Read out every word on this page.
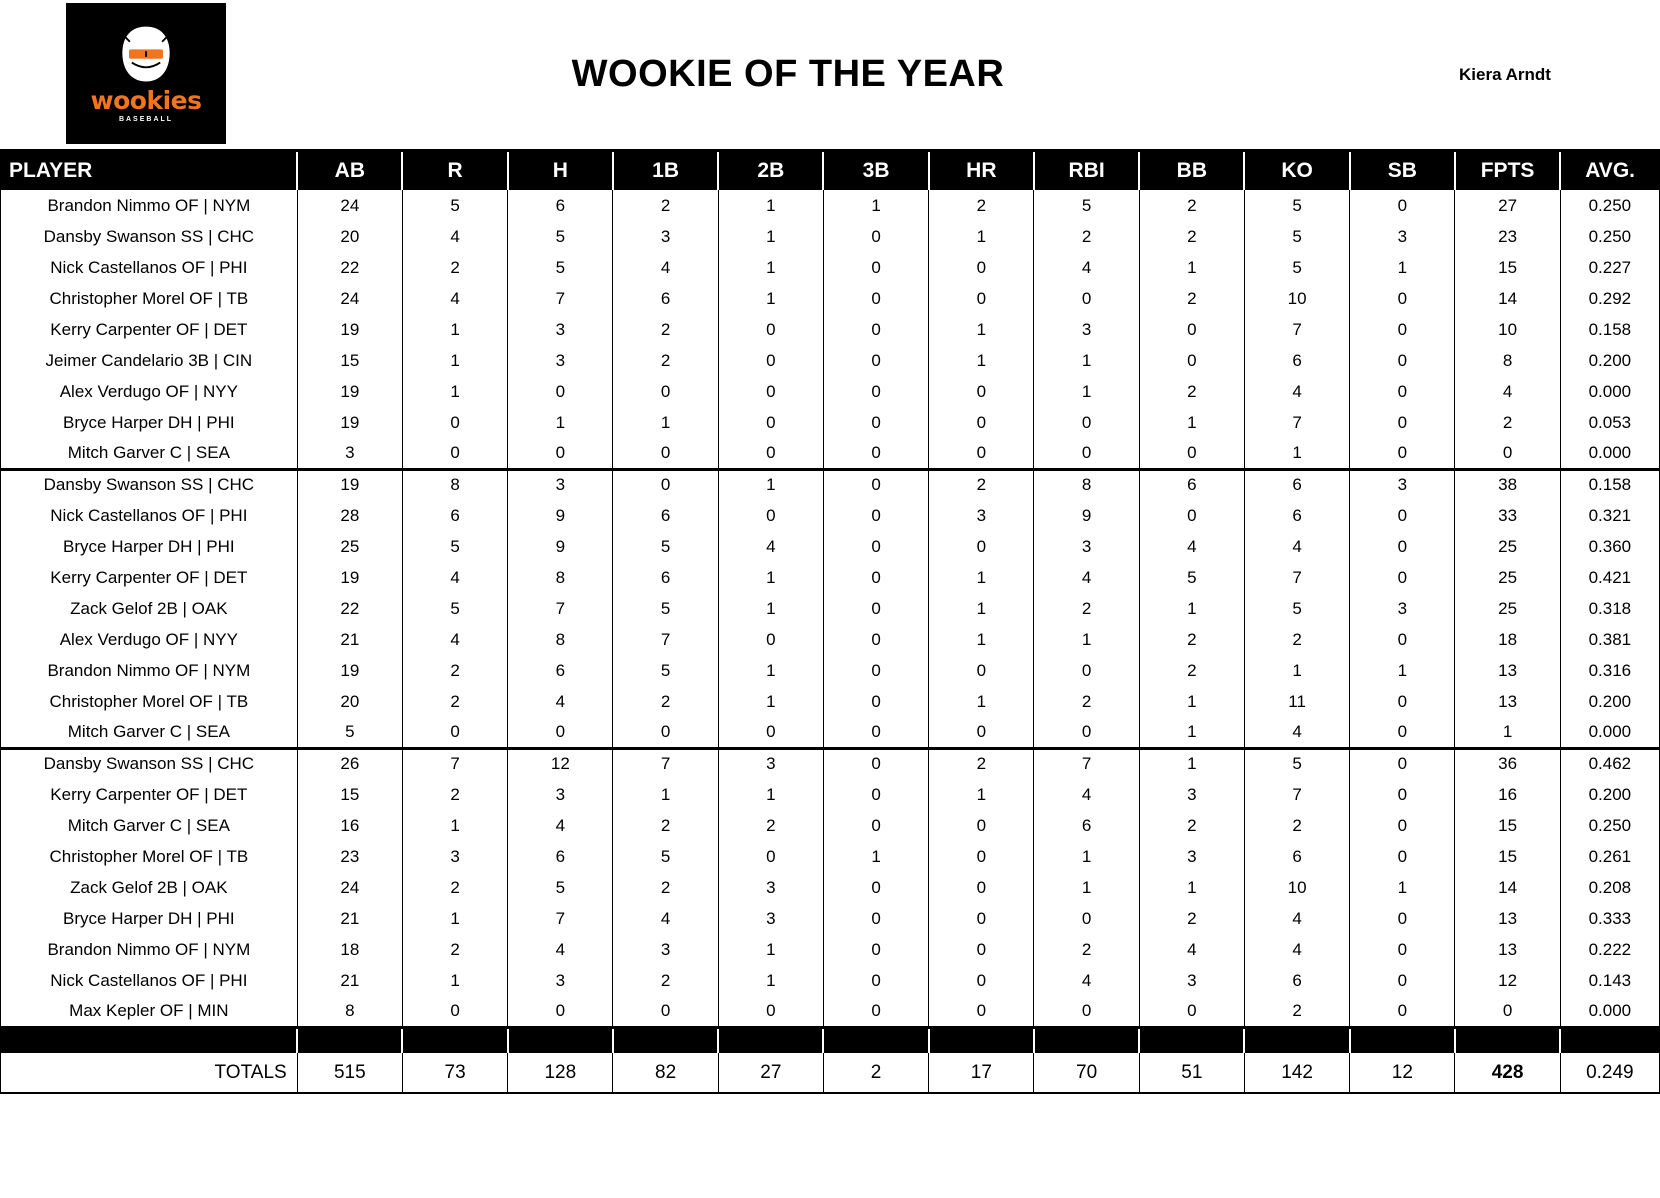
wookies
BASEBALL
WOOKIE OF THE YEAR	Kiera Arndt
PLAYER	AB	R	H	1B	2B	3B	HR	RBI	BB	KO	SB	FPTS	AVG.
Brandon Nimmo OF | NYM	24	5	6	2	1	1	2	5	2	5	0	27	0.250
Dansby Swanson SS | CHC	20	4	5	3	1	0	1	2	2	5	3	23	0.250
Nick Castellanos OF | PHI	22	2	5	4	1	0	0	4	1	5	1	15	0.227
Christopher Morel OF | TB	24	4	7	6	1	0	0	0	2	10	0	14	0.292
Kerry Carpenter OF | DET	19	1	3	2	0	0	1	3	0	7	0	10	0.158
Jeimer Candelario 3B | CIN	15	1	3	2	0	0	1	1	0	6	0	8	0.200
Alex Verdugo OF | NYY	19	1	0	0	0	0	0	1	2	4	0	4	0.000
Bryce Harper DH | PHI	19	0	1	1	0	0	0	0	1	7	0	2	0.053
Mitch Garver C | SEA	3	0	0	0	0	0	0	0	0	1	0	0	0.000
Dansby Swanson SS | CHC	19	8	3	0	1	0	2	8	6	6	3	38	0.158
Nick Castellanos OF | PHI	28	6	9	6	0	0	3	9	0	6	0	33	0.321
Bryce Harper DH | PHI	25	5	9	5	4	0	0	3	4	4	0	25	0.360
Kerry Carpenter OF | DET	19	4	8	6	1	0	1	4	5	7	0	25	0.421
Zack Gelof 2B | OAK	22	5	7	5	1	0	1	2	1	5	3	25	0.318
Alex Verdugo OF | NYY	21	4	8	7	0	0	1	1	2	2	0	18	0.381
Brandon Nimmo OF | NYM	19	2	6	5	1	0	0	0	2	1	1	13	0.316
Christopher Morel OF | TB	20	2	4	2	1	0	1	2	1	11	0	13	0.200
Mitch Garver C | SEA	5	0	0	0	0	0	0	0	1	4	0	1	0.000
Dansby Swanson SS | CHC	26	7	12	7	3	0	2	7	1	5	0	36	0.462
Kerry Carpenter OF | DET	15	2	3	1	1	0	1	4	3	7	0	16	0.200
Mitch Garver C | SEA	16	1	4	2	2	0	0	6	2	2	0	15	0.250
Christopher Morel OF | TB	23	3	6	5	0	1	0	1	3	6	0	15	0.261
Zack Gelof 2B | OAK	24	2	5	2	3	0	0	1	1	10	1	14	0.208
Bryce Harper DH | PHI	21	1	7	4	3	0	0	0	2	4	0	13	0.333
Brandon Nimmo OF | NYM	18	2	4	3	1	0	0	2	4	4	0	13	0.222
Nick Castellanos OF | PHI	21	1	3	2	1	0	0	4	3	6	0	12	0.143
Max Kepler OF | MIN	8	0	0	0	0	0	0	0	0	2	0	0	0.000

TOTALS	515	73	128	82	27	2	17	70	51	142	12	428	0.249
